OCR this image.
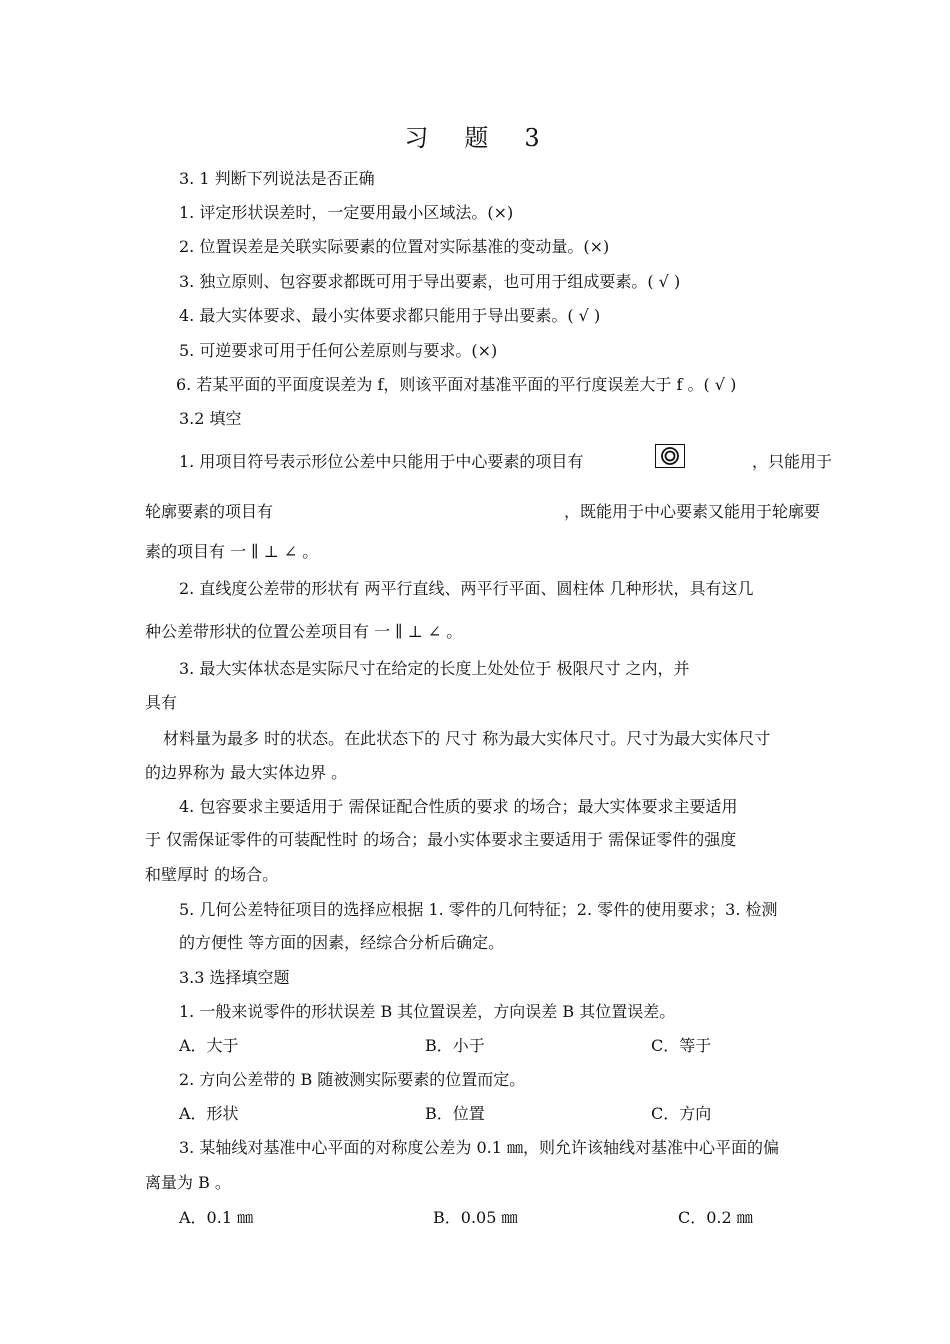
习　题　3
3. 1 判断下列说法是否正确
1. 评定形状误差时，一定要用最小区域法。(×)
2. 位置误差是关联实际要素的位置对实际基准的变动量。(×)
3. 独立原则、包容要求都既可用于导出要素，也可用于组成要素。( √ )
4. 最大实体要求、最小实体要求都只能用于导出要素。( √ )
5. 可逆要求可用于任何公差原则与要求。(×)
6. 若某平面的平面度误差为 f，则该平面对基准平面的平行度误差大于 f 。( √ )
3.2 填空
1. 用项目符号表示形位公差中只能用于中心要素的项目有	，只能用于
轮廓要素的项目有	，既能用于中心要素又能用于轮廓要
素的项目有 一 ∥ ⊥ ∠ 。
2. 直线度公差带的形状有 两平行直线、两平行平面、圆柱体 几种形状，具有这几
种公差带形状的位置公差项目有 一 ∥ ⊥ ∠ 。
3. 最大实体状态是实际尺寸在给定的长度上处处位于 极限尺寸 之内，并
具有
材料量为最多 时的状态。在此状态下的 尺寸 称为最大实体尺寸。尺寸为最大实体尺寸
的边界称为 最大实体边界 。
4. 包容要求主要适用于 需保证配合性质的要求 的场合；最大实体要求主要适用
于 仅需保证零件的可装配性时 的场合；最小实体要求主要适用于 需保证零件的强度
和壁厚时 的场合。
5. 几何公差特征项目的选择应根据 1. 零件的几何特征；2. 零件的使用要求；3. 检测
的方便性 等方面的因素，经综合分析后确定。
3.3 选择填空题
1. 一般来说零件的形状误差 B 其位置误差，方向误差 B 其位置误差。
A．大于	B．小于	C．等于
2. 方向公差带的 B 随被测实际要素的位置而定。
A．形状	B．位置	C．方向
3. 某轴线对基准中心平面的对称度公差为 0.1 ㎜，则允许该轴线对基准中心平面的偏
离量为 B 。
A．0.1 ㎜	B．0.05 ㎜	C．0.2 ㎜
